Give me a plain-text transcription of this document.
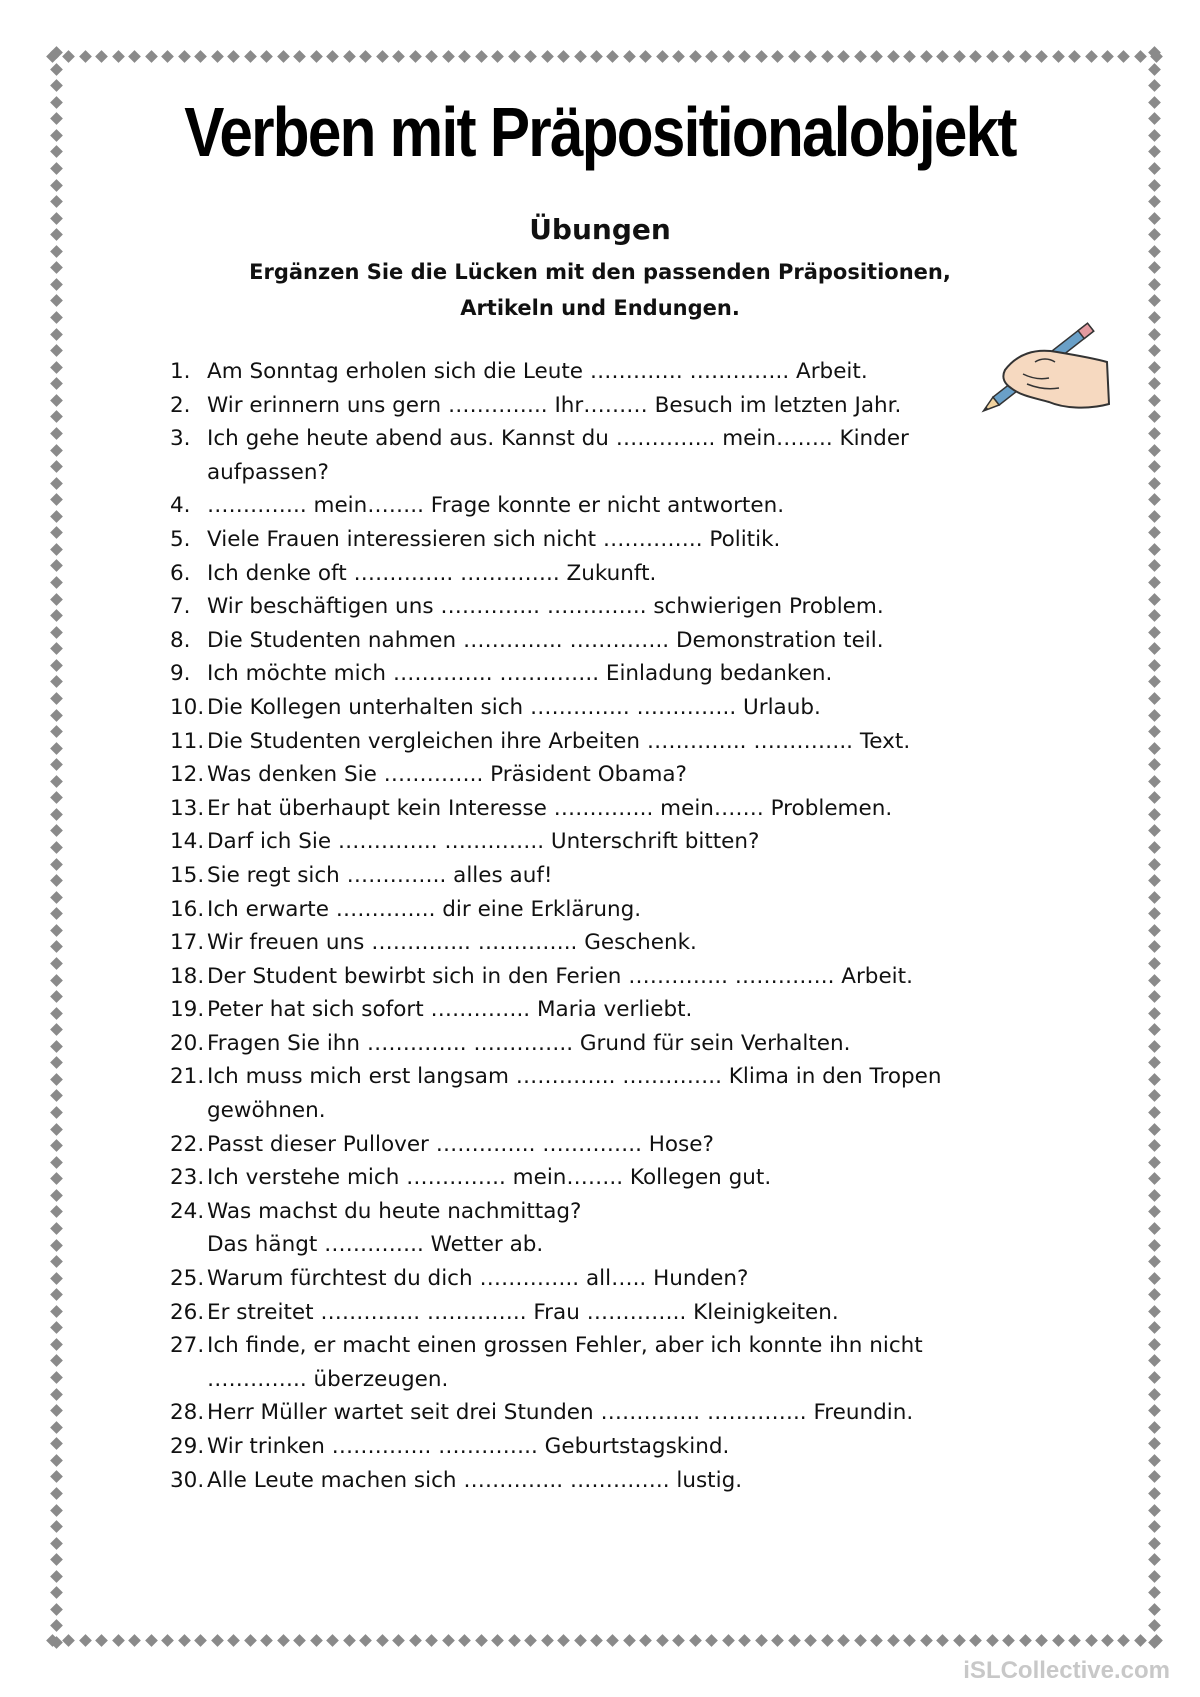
Verben mit Präpositionalobjekt
Übungen
Ergänzen Sie die Lücken mit den passenden Präpositionen,
Artikeln und Endungen.
1. Am Sonntag erholen sich die Leute …………. ………….. Arbeit.
2. Wir erinnern uns gern ………….. Ihr……… Besuch im letzten Jahr.
3. Ich gehe heute abend aus. Kannst du ………….. mein…….. Kinder
aufpassen?
4. ………….. mein…….. Frage konnte er nicht antworten.
5. Viele Frauen interessieren sich nicht ………….. Politik.
6. Ich denke oft ………….. ………….. Zukunft.
7. Wir beschäftigen uns ………….. ………….. schwierigen Problem.
8. Die Studenten nahmen ………….. ………….. Demonstration teil.
9. Ich möchte mich ………….. ………….. Einladung bedanken.
10. Die Kollegen unterhalten sich ………….. ………….. Urlaub.
11. Die Studenten vergleichen ihre Arbeiten ………….. ………….. Text.
12. Was denken Sie ………….. Präsident Obama?
13. Er hat überhaupt kein Interesse ………….. mein……. Problemen.
14. Darf ich Sie ………….. ………….. Unterschrift bitten?
15. Sie regt sich ………….. alles auf!
16. Ich erwarte ………….. dir eine Erklärung.
17. Wir freuen uns ………….. ………….. Geschenk.
18. Der Student bewirbt sich in den Ferien ………….. ………….. Arbeit.
19. Peter hat sich sofort ………….. Maria verliebt.
20. Fragen Sie ihn ………….. ………….. Grund für sein Verhalten.
21. Ich muss mich erst langsam ………….. ………….. Klima in den Tropen
gewöhnen.
22. Passt dieser Pullover ………….. ………….. Hose?
23. Ich verstehe mich ………….. mein…….. Kollegen gut.
24. Was machst du heute nachmittag?
Das hängt ………….. Wetter ab.
25. Warum fürchtest du dich ………….. all….. Hunden?
26. Er streitet ………….. ………….. Frau ………….. Kleinigkeiten.
27. Ich finde, er macht einen grossen Fehler, aber ich konnte ihn nicht
………….. überzeugen.
28. Herr Müller wartet seit drei Stunden ………….. ………….. Freundin.
29. Wir trinken ………….. ………….. Geburtstagskind.
30. Alle Leute machen sich ………….. ………….. lustig.
iSLCollective.com
